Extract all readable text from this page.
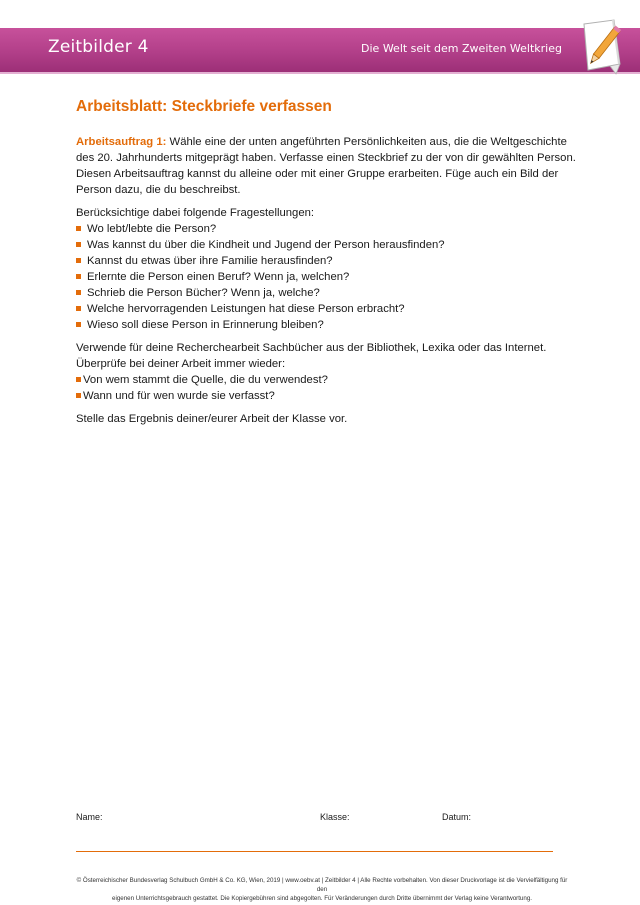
Zeitbilder 4	Die Welt seit dem Zweiten Weltkrieg
Arbeitsblatt: Steckbriefe verfassen

Arbeitsauftrag 1: Wähle eine der unten angeführten Persönlichkeiten aus, die die Weltgeschichte des 20. Jahrhunderts mitgeprägt haben. Verfasse einen Steckbrief zu der von dir gewählten Person. Diesen Arbeitsauftrag kannst du alleine oder mit einer Gruppe erarbeiten. Füge auch ein Bild der Person dazu, die du beschreibst.

Berücksichtige dabei folgende Fragestellungen:

Wo lebt/lebte die Person?
Was kannst du über die Kindheit und Jugend der Person herausfinden?
Kannst du etwas über ihre Familie herausfinden?
Erlernte die Person einen Beruf? Wenn ja, welchen?
Schrieb die Person Bücher? Wenn ja, welche?
Welche hervorragenden Leistungen hat diese Person erbracht?
Wieso soll diese Person in Erinnerung bleiben?

Verwende für deine Recherchearbeit Sachbücher aus der Bibliothek, Lexika oder das Internet.

Überprüfe bei deiner Arbeit immer wieder:

Von wem stammt die Quelle, die du verwendest?
Wann und für wen wurde sie verfasst?

Stelle das Ergebnis deiner/eurer Arbeit der Klasse vor.

Name:	Klasse:	Datum:
© Österreichischer Bundesverlag Schulbuch GmbH & Co. KG, Wien, 2019 | www.oebv.at | Zeitbilder 4 | Alle Rechte vorbehalten. Von dieser Druckvorlage ist die Vervielfältigung für den
eigenen Unterrichtsgebrauch gestattet. Die Kopiergebühren sind abgegolten. Für Veränderungen durch Dritte übernimmt der Verlag keine Verantwortung.
